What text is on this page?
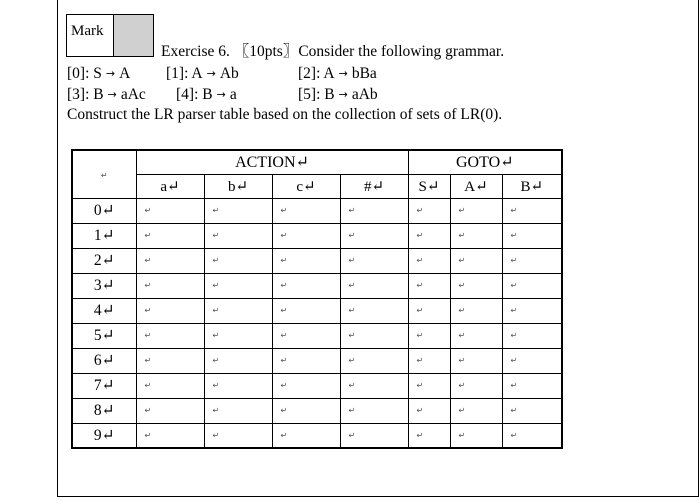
Mark
Exercise 6. 〖10pts〗Consider the following grammar.
[0]: S → A [1]: A → Ab	[2]: A → bBa
[3]: B → aAc [4]: B → a	[5]: B → aAb
Construct the LR parser table based on the collection of sets of LR(0).
↵	ACTION↵				GOTO↵		
	a↵	b↵	c↵	#↵	S↵	A↵	B↵
0↵	↵	↵	↵	↵	↵	↵	↵

1↵	↵	↵	↵	↵	↵	↵	↵

2↵	↵	↵	↵	↵	↵	↵	↵

3↵	↵	↵	↵	↵	↵	↵	↵

4↵	↵	↵	↵	↵	↵	↵	↵

5↵	↵	↵	↵	↵	↵	↵	↵

6↵	↵	↵	↵	↵	↵	↵	↵

7↵	↵	↵	↵	↵	↵	↵	↵

8↵	↵	↵	↵	↵	↵	↵	↵

9↵	↵	↵	↵	↵	↵	↵	↵
